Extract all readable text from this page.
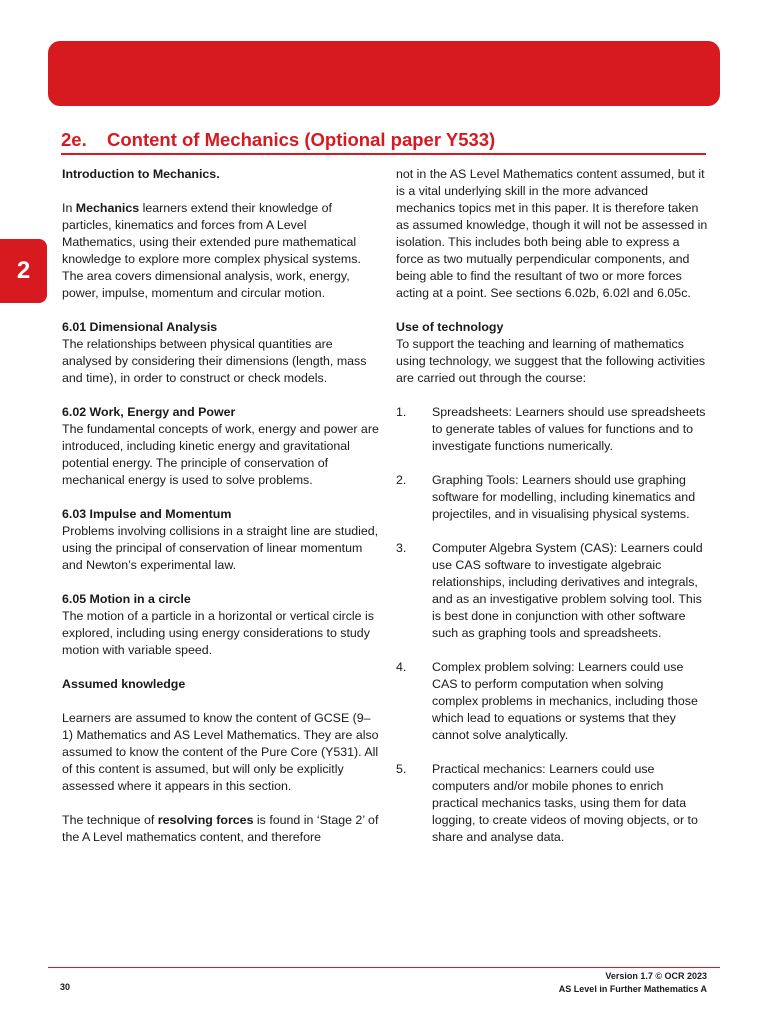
2
2e. Content of Mechanics (Optional paper Y533)

Introduction to Mechanics.

In Mechanics learners extend their knowledge of particles, kinematics and forces from A Level Mathematics, using their extended pure mathematical knowledge to explore more complex physical systems. The area covers dimensional analysis, work, energy, power, impulse, momentum and circular motion.

6.01 Dimensional Analysis
The relationships between physical quantities are analysed by considering their dimensions (length, mass and time), in order to construct or check models.

6.02 Work, Energy and Power
The fundamental concepts of work, energy and power are introduced, including kinetic energy and gravitational potential energy. The principle of conservation of mechanical energy is used to solve problems.

6.03 Impulse and Momentum
Problems involving collisions in a straight line are studied, using the principal of conservation of linear momentum and Newton’s experimental law.

6.05 Motion in a circle
The motion of a particle in a horizontal or vertical circle is explored, including using energy considerations to study motion with variable speed.

Assumed knowledge

Learners are assumed to know the content of GCSE (9–1) Mathematics and AS Level Mathematics. They are also assumed to know the content of the Pure Core (Y531). All of this content is assumed, but will only be explicitly assessed where it appears in this section.

The technique of resolving forces is found in ‘Stage 2’ of the A Level mathematics content, and therefore

not in the AS Level Mathematics content assumed, but it is a vital underlying skill in the more advanced mechanics topics met in this paper. It is therefore taken as assumed knowledge, though it will not be assessed in isolation. This includes both being able to express a force as two mutually perpendicular components, and being able to find the resultant of two or more forces acting at a point. See sections 6.02b, 6.02l and 6.05c.

Use of technology

To support the teaching and learning of mathematics using technology, we suggest that the following activities are carried out through the course:

1. Spreadsheets: Learners should use spreadsheets to generate tables of values for functions and to investigate functions numerically.
2. Graphing Tools: Learners should use graphing software for modelling, including kinematics and projectiles, and in visualising physical systems.
3. Computer Algebra System (CAS): Learners could use CAS software to investigate algebraic relationships, including derivatives and integrals, and as an investigative problem solving tool. This is best done in conjunction with other software such as graphing tools and spreadsheets.
4. Complex problem solving: Learners could use CAS to perform computation when solving complex problems in mechanics, including those which lead to equations or systems that they cannot solve analytically.
5. Practical mechanics: Learners could use computers and/or mobile phones to enrich practical mechanics tasks, using them for data logging, to create videos of moving objects, or to share and analyse data.
30
Version 1.7 © OCR 2023
AS Level in Further Mathematics A
